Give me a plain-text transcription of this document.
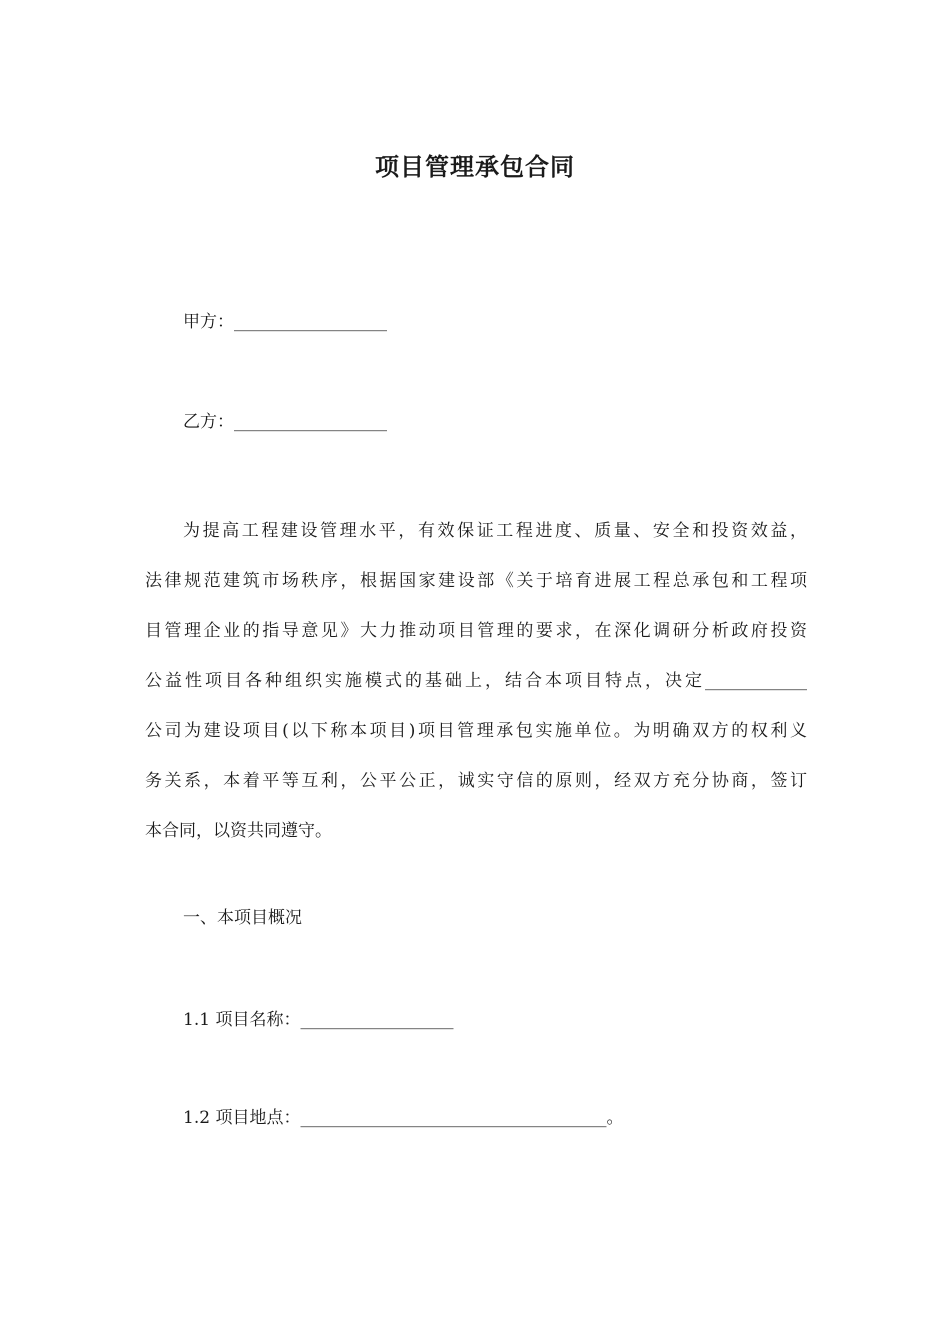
项目管理承包合同
甲方：__________________
乙方：__________________
为提高工程建设管理水平，有效保证工程进度、质量、安全和投资效益，
法律规范建筑市场秩序，根据国家建设部《关于培育进展工程总承包和工程项
目管理企业的指导意见》大力推动项目管理的要求，在深化调研分析政府投资
公益性项目各种组织实施模式的基础上，结合本项目特点，决定____________
公司为建设项目(以下称本项目)项目管理承包实施单位。为明确双方的权利义
务关系，本着平等互利，公平公正，诚实守信的原则，经双方充分协商，签订
本合同，以资共同遵守。
一、本项目概况
1.1 项目名称：__________________
1.2 项目地点：____________________________________。
